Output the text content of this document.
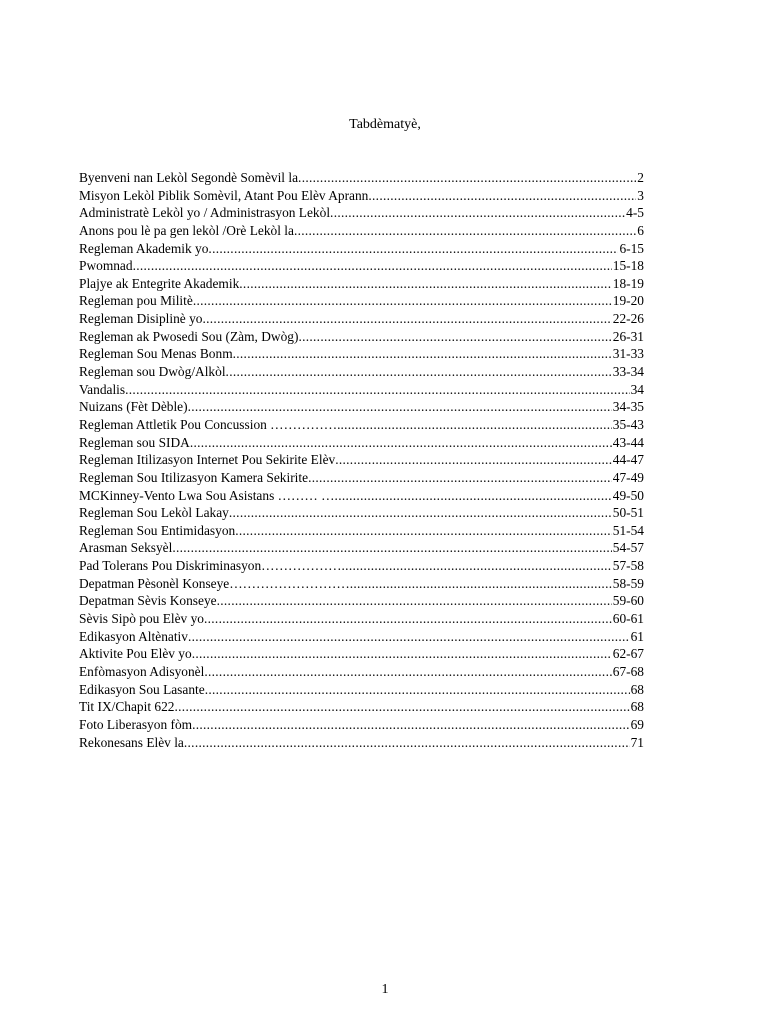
Tabdèmatyè,
Byenveni nan Lekòl Segondè Somèvil la .....	2
Misyon Lekòl Piblik Somèvil, Atant Pou Elèv Aprann .....	3
Administratè Lekòl yo / Administrasyon Lekòl .....	4-5
Anons pou lè pa gen lekòl /Orè Lekòl la .....	6
Regleman Akademik yo .....	6-15
Pwomnad .....	15-18
Plajye ak Entegrite Akademik .....	18-19
Regleman pou Militè .....	19-20
Regleman Disiplinè yo .....	22-26
Regleman ak Pwosedi Sou (Zàm, Dwòg) .....	26-31
Regleman Sou Menas Bonm .....	31-33
Regleman sou Dwòg/Alkòl .....	33-34
Vandalis .....	34
Nuizans (Fèt Dèble) .....	34-35
Regleman Attletik Pou Concussion ……………. .....	35-43
Regleman sou SIDA .....	43-44
Regleman Itilizasyon Internet Pou Sekirite Elèv .....	44-47
Regleman Sou Itilizasyon Kamera Sekirite .....	47-49
MCKinney-Vento Lwa Sou Asistans ……… … .....	49-50
Regleman Sou Lekòl Lakay .....	50-51
Regleman Sou Entimidasyon .....	51-54
Arasman Seksyèl .....	54-57
Pad Tolerans Pou Diskriminasyon……………… .....	57-58
Depatman Pèsonèl Konseye……………………… .....	58-59
Depatman Sèvis Konseye .....	59-60
Sèvis Sipò pou Elèv yo .....	60-61
Edikasyon Altènativ .....	61
Aktivite Pou Elèv yo .....	62-67
Enfòmasyon Adisyonèl .....	67-68
Edikasyon Sou Lasante .....	68
Tit IX/Chapit 622 .....	68
Foto Liberasyon fòm .....	69
Rekonesans Elèv la .....	71
1
